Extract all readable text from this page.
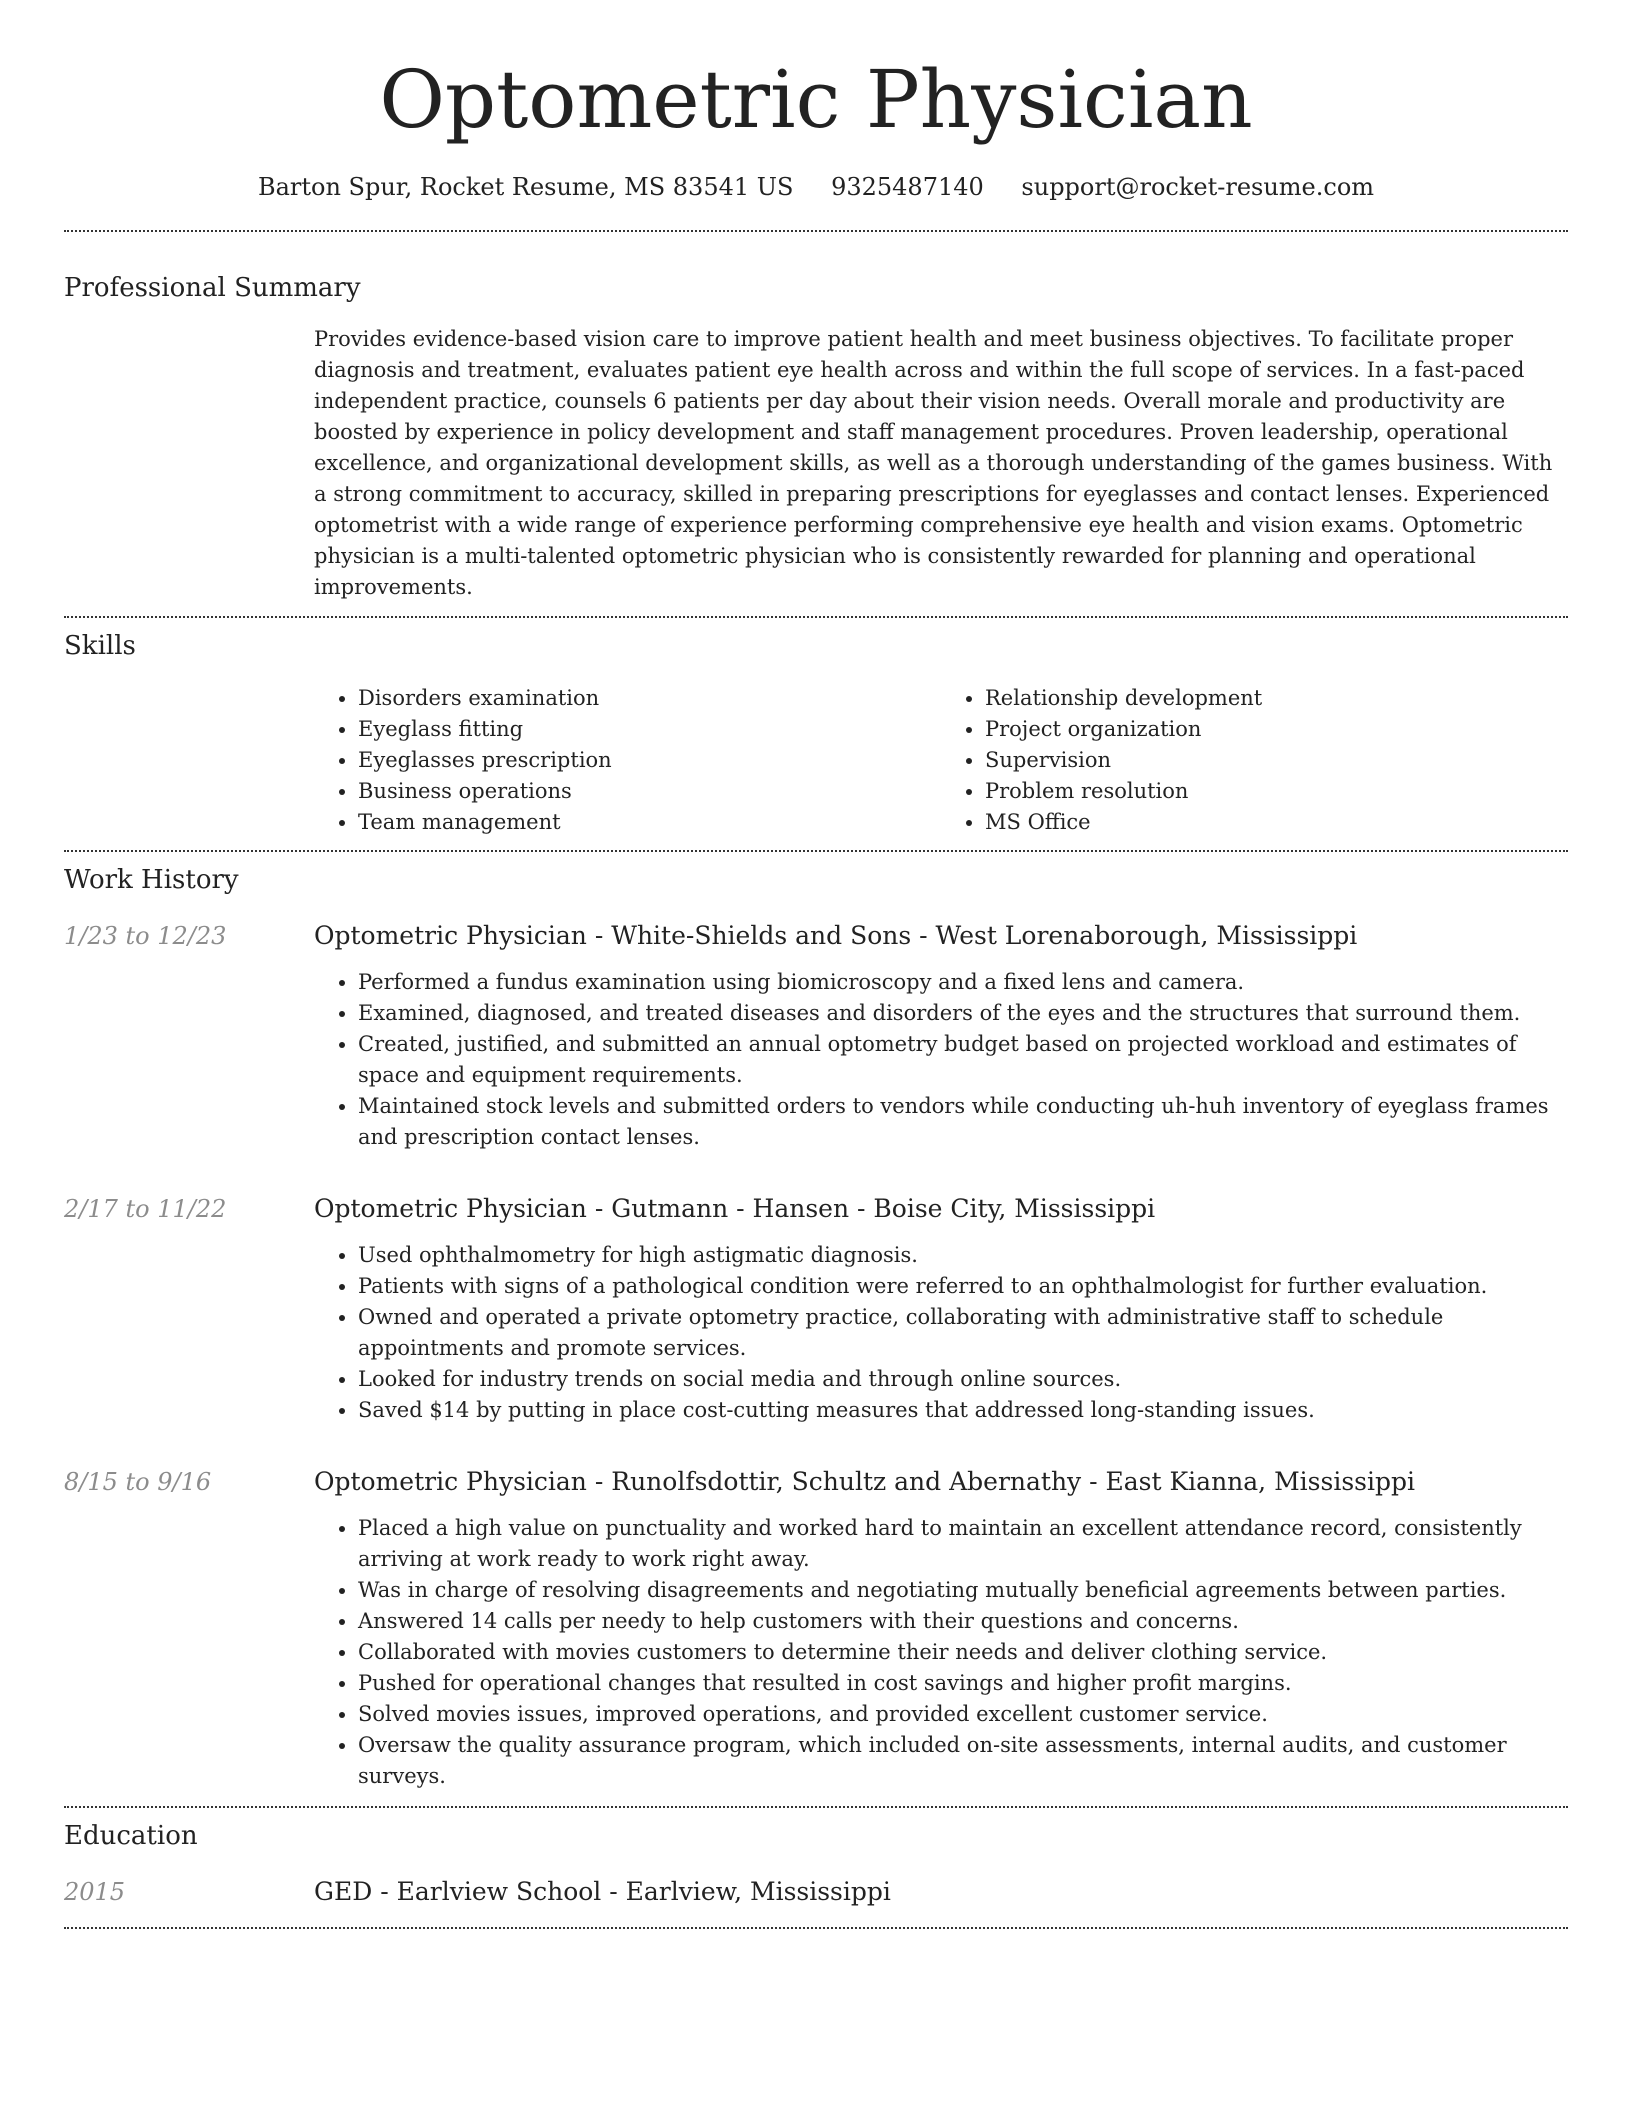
Optometric Physician
Barton Spur, Rocket Resume, MS 83541 US 9325487140 support@rocket-resume.com
Professional Summary

Provides evidence-based vision care to improve patient health and meet business objectives. To facilitate proper diagnosis and treatment, evaluates patient eye health across and within the full scope of services. In a fast-paced independent practice, counsels 6 patients per day about their vision needs. Overall morale and productivity are boosted by experience in policy development and staff management procedures. Proven leadership, operational excellence, and organizational development skills, as well as a thorough understanding of the games business. With a strong commitment to accuracy, skilled in preparing prescriptions for eyeglasses and contact lenses. Experienced optometrist with a wide range of experience performing comprehensive eye health and vision exams. Optometric physician is a multi-talented optometric physician who is consistently rewarded for planning and operational improvements.

Skills
• Disorders examination
• Eyeglass fitting
• Eyeglasses prescription
• Business operations
• Team management
• Relationship development
• Project organization
• Supervision
• Problem resolution
• MS Office
Work History
1/23 to 12/23	Optometric Physician - White-Shields and Sons - West Lorenaborough, Mississippi
• Performed a fundus examination using biomicroscopy and a fixed lens and camera.
• Examined, diagnosed, and treated diseases and disorders of the eyes and the structures that surround them.
• Created, justified, and submitted an annual optometry budget based on projected workload and estimates of space and equipment requirements.
• Maintained stock levels and submitted orders to vendors while conducting uh-huh inventory of eyeglass frames and prescription contact lenses.
2/17 to 11/22	Optometric Physician - Gutmann - Hansen - Boise City, Mississippi
• Used ophthalmometry for high astigmatic diagnosis.
• Patients with signs of a pathological condition were referred to an ophthalmologist for further evaluation.
• Owned and operated a private optometry practice, collaborating with administrative staff to schedule appointments and promote services.
• Looked for industry trends on social media and through online sources.
• Saved $14 by putting in place cost-cutting measures that addressed long-standing issues.
8/15 to 9/16	Optometric Physician - Runolfsdottir, Schultz and Abernathy - East Kianna, Mississippi
• Placed a high value on punctuality and worked hard to maintain an excellent attendance record, consistently arriving at work ready to work right away.
• Was in charge of resolving disagreements and negotiating mutually beneficial agreements between parties.
• Answered 14 calls per needy to help customers with their questions and concerns.
• Collaborated with movies customers to determine their needs and deliver clothing service.
• Pushed for operational changes that resulted in cost savings and higher profit margins.
• Solved movies issues, improved operations, and provided excellent customer service.
• Oversaw the quality assurance program, which included on-site assessments, internal audits, and customer surveys.
Education
2015	GED - Earlview School - Earlview, Mississippi
